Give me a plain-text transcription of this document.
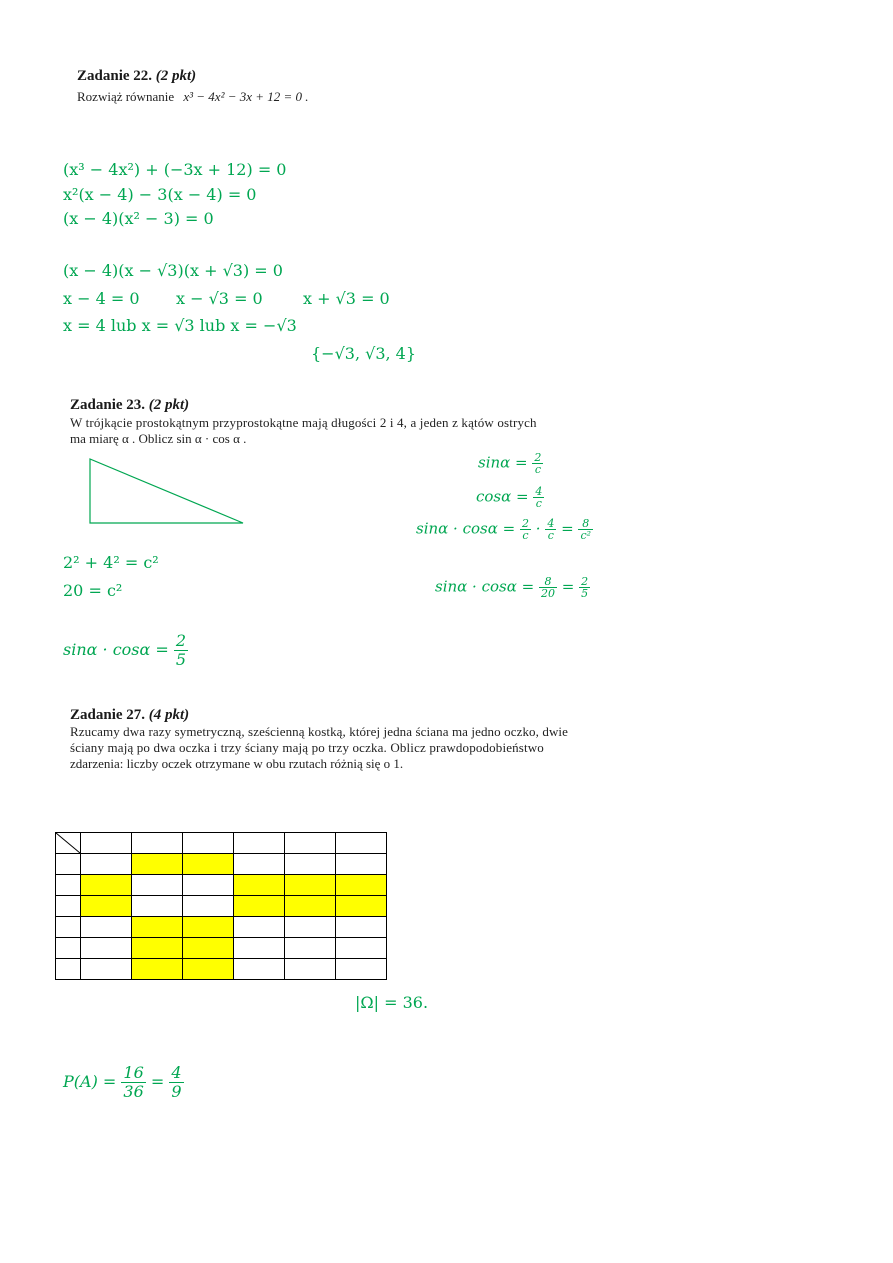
Zadanie 22. (2 pkt)
Rozwiąż równanie x³ − 4x² − 3x + 12 = 0 .
(x³ − 4x²) + (−3x + 12) = 0
x²(x − 4) − 3(x − 4) = 0
(x − 4)(x² − 3) = 0
(x − 4)(x − √3)(x + √3) = 0
x − 4 = 0 x − √3 = 0	x + √3 = 0
x = 4 lub x = √3 lub x = −√3
{−√3, √3, 4}
Zadanie 23. (2 pkt)
W trójkącie prostokątnym przyprostokątne mają długości 2 i 4, a jeden z kątów ostrych
ma miarę α . Oblicz sin α · cos α .
$\sin\alpha = \frac{2}{c}$
$\cos\alpha = \frac{4}{c}$
$\sin\alpha \cdot \cos\alpha = \frac{2}{c} \cdot \frac{4}{c} = \frac{8}{\text{c²}}$
2² + 4² = c²
20 = c²	$\sin\alpha \cdot \cos\alpha = \frac{8}{20} = \frac{2}{5}$
$\sin\alpha \cdot \cos\alpha = \frac{2}{5}$
Zadanie 27. (4 pkt)
Rzucamy dwa razy symetryczną, sześcienną kostką, której jedna ściana ma jedno oczko, dwie
ściany mają po dwa oczka i trzy ściany mają po trzy oczka. Oblicz prawdopodobieństwo
zdarzenia: liczby oczek otrzymane w obu rzutach różnią się o 1.

|Ω| = 36.
$P(A) = \frac{16}{36} = \frac{4}{9}$
